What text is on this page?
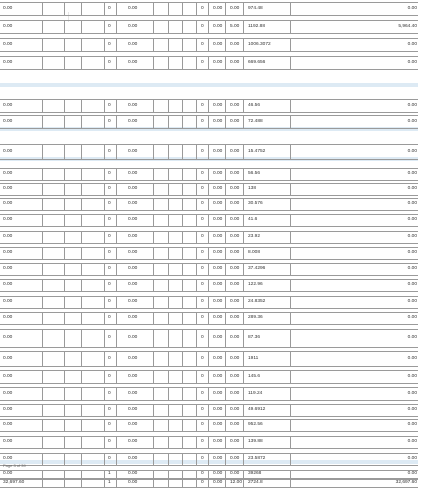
0.00	0	0.00	0	0.00	0.00	974.48	0.00
0.00	0	0.00	0	0.00	5.00	1192.88	5,964.40
0.00	0	0.00	0	0.00	0.00	1006.3072	0.00
0.00	0	0.00	0	0.00	0.00	669.656	0.00
0.00	0	0.00	0	0.00	0.00	46.56	0.00
0.00	0	0.00	0	0.00	0.00	72.488	0.00
0.00	0	0.00	0	0.00	0.00	15.4752	0.00
0.00	0	0.00	0	0.00	0.00	56.56	0.00
0.00	0	0.00	0	0.00	0.00	138	0.00
0.00	0	0.00	0	0.00	0.00	30.576	0.00
0.00	0	0.00	0	0.00	0.00	41.6	0.00
0.00	0	0.00	0	0.00	0.00	23.92	0.00
0.00	0	0.00	0	0.00	0.00	8.008	0.00
0.00	0	0.00	0	0.00	0.00	37.4296	0.00
0.00	0	0.00	0	0.00	0.00	122.96	0.00
0.00	0	0.00	0	0.00	0.00	24.8352	0.00
0.00	0	0.00	0	0.00	0.00	289.36	0.00
0.00	0	0.00	0	0.00	0.00	87.36	0.00
0.00	0	0.00	0	0.00	0.00	1911	0.00
0.00	0	0.00	0	0.00	0.00	145.6	0.00
0.00	0	0.00	0	0.00	0.00	119.24	0.00
0.00	0	0.00	0	0.00	0.00	49.6912	0.00
0.00	0	0.00	0	0.00	0.00	952.56	0.00
0.00	0	0.00	0	0.00	0.00	139.88	0.00
0.00	0	0.00	0	0.00	0.00	23.5872	0.00
0.00	1	0.00	0	0.00	0.00	39268	0.00
32,697.60	1	0.00	0	0.00	12.00	2724.8	32,697.60
Page 3 of 39
